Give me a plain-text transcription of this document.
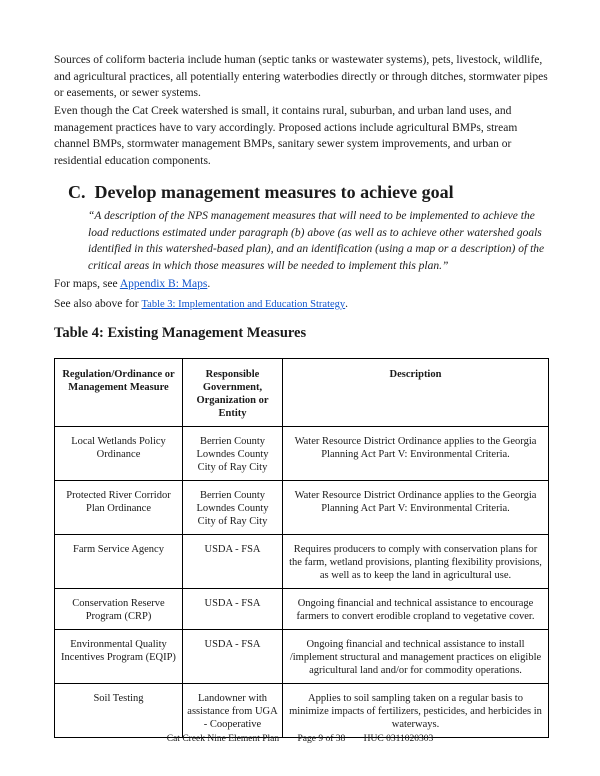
Sources of coliform bacteria include human (septic tanks or wastewater systems), pets, livestock, wildlife, and agricultural practices, all potentially entering waterbodies directly or through ditches, stormwater pipes or easements, or sewer systems.

Even though the Cat Creek watershed is small, it contains rural, suburban, and urban land uses, and management practices have to vary accordingly. Proposed actions include agricultural BMPs, stream channel BMPs, stormwater management BMPs, sanitary sewer system improvements, and urban or residential education components.

C. Develop management measures to achieve goal

“A description of the NPS management measures that will need to be implemented to achieve the load reductions estimated under paragraph (b) above (as well as to achieve other watershed goals identified in this watershed-based plan), and an identification (using a map or a description) of the critical areas in which those measures will be needed to implement this plan.”

For maps, see Appendix B: Maps.

See also above for Table 3: Implementation and Education Strategy.

Table 4: Existing Management Measures
Regulation/Ordinance or Management Measure	Responsible Government, Organization or Entity	Description
Local Wetlands Policy Ordinance	Berrien County
Lowndes County
City of Ray City	Water Resource District Ordinance applies to the Georgia Planning Act Part V: Environmental Criteria.
Protected River Corridor Plan Ordinance	Berrien County
Lowndes County
City of Ray City	Water Resource District Ordinance applies to the Georgia Planning Act Part V: Environmental Criteria.
Farm Service Agency	USDA - FSA	Requires producers to comply with conservation plans for the farm, wetland provisions, planting flexibility provisions, as well as to keep the land in agricultural use.
Conservation Reserve Program (CRP)	USDA - FSA	Ongoing financial and technical assistance to encourage farmers to convert erodible cropland to vegetative cover.
Environmental Quality Incentives Program (EQIP)	USDA - FSA	Ongoing financial and technical assistance to install /implement structural and management practices on eligible agricultural land and/or for commodity operations.
Soil Testing	Landowner with assistance from UGA - Cooperative	Applies to soil sampling taken on a regular basis to minimize impacts of fertilizers, pesticides, and herbicides in waterways.
Cat Creek Nine Element Plan Page 9 of 38 HUC 0311020303
